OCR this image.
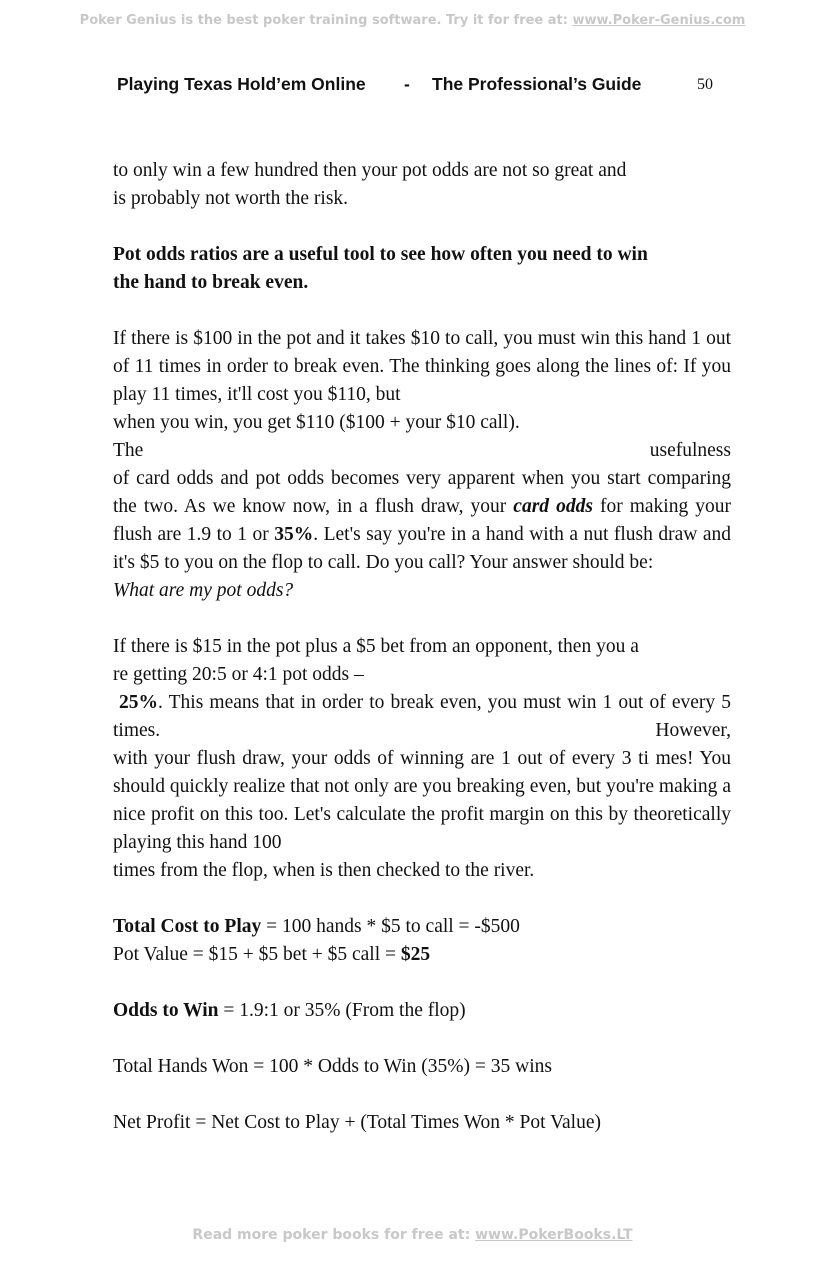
Poker Genius is the best poker training software. Try it for free at: www.Poker-Genius.com
Playing Texas Hold’em Online - The Professional’s Guide	50

to only win a few hundred then your pot odds are not so great and
is probably not worth the risk.

Pot odds ratios are a useful tool to see how often you need to win
the hand to break even.

If there is $100 in the pot and it takes $10 to call, you must win this hand 1 out of 11 times in order to break even. The thinking goes along the lines of: If you play 11 times, it'll cost you $110, but

when you win, you get $110 ($100 + your $10 call).

The	usefulness

of card odds and pot odds becomes very apparent when you start comparing the two. As we know now, in a flush draw, your card odds for making your flush are 1.9 to 1 or 35%. Let's say you're in a hand with a nut flush draw and it's $5 to you on the flop to call. Do you call? Your answer should be:

What are my pot odds?

If there is $15 in the pot plus a $5 bet from an opponent, then you a
re getting 20:5 or 4:1 pot odds –

25%. This means that in order to break even, you must win 1 out of every 5 times. However,

with your flush draw, your odds of winning are 1 out of every 3 ti mes! You should quickly realize that not only are you breaking even, but you're making a nice profit on this too. Let's calculate the profit margin on this by theoretically playing this hand 100

times from the flop, when is then checked to the river.

Total Cost to Play = 100 hands * $5 to call = -$500

Pot Value = $15 + $5 bet + $5 call = $25

Odds to Win = 1.9:1 or 35% (From the flop)

Total Hands Won = 100 * Odds to Win (35%) = 35 wins

Net Profit = Net Cost to Play + (Total Times Won * Pot Value)

Read more poker books for free at: www.PokerBooks.LT
